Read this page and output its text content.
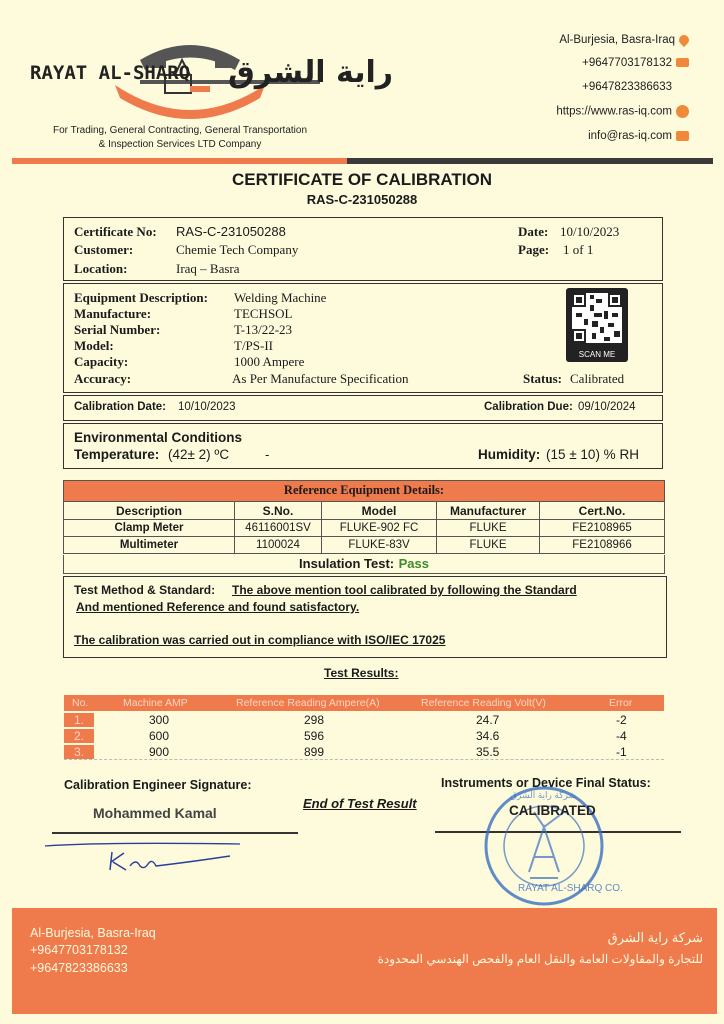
RAYAT AL-SHARQ راية الشرق
For Trading, General Contracting, General Transportation
& Inspection Services LTD Company
Al-Burjesia, Basra-Iraq
+9647703178132
+9647823386633
https://www.ras-iq.com
info@ras-iq.com
CERTIFICATE OF CALIBRATION
RAS-C-231050288
Certificate No: RAS-C-231050288
Customer:	Chemie Tech Company
Location:	Iraq – Basra
Date: 10/10/2023
Page: 1 of 1
Equipment Description: Welding Machine
Manufacture:	TECHSOL
Serial Number:	T-13/22-23
Model:	T/PS-II
Capacity:	1000 Ampere
Accuracy:	As Per Manufacture Specification	Status: Calibrated
SCAN ME
Calibration Date: 10/10/2023	Calibration Due: 09/10/2024
Environmental Conditions
Temperature: (42± 2) ºC	-	Humidity: (15 ± 10) % RH
Reference Equipment Details:
Description	S.No.	Model	Manufacturer	Cert.No.
Clamp Meter	46116001SV	FLUKE-902 FC	FLUKE	FE2108965
Multimeter	1100024	FLUKE-83V	FLUKE	FE2108966
Insulation Test: Pass
Test Method & Standard: The above mention tool calibrated by following the Standard
And mentioned Reference and found satisfactory.
The calibration was carried out in compliance with ISO/IEC 17025
Test Results:
No.	Machine AMP	Reference Reading Ampere(A)	Reference Reading Volt(V)	Error
1.	300	298	24.7	-2
2.	600	596	34.6	-4
3.	900	899	35.5	-1
Calibration Engineer Signature:
Mohammed Kamal
End of Test Result
Instruments or Device Final Status:
CALIBRATED
RAYAT AL-SHARQ CO.
شركة راية الشرق
Al-Burjesia, Basra-Iraq
+9647703178132
+9647823386633
شركة راية الشرق
للتجارة والمقاولات العامة والنقل العام والفحص الهندسي المحدودة
